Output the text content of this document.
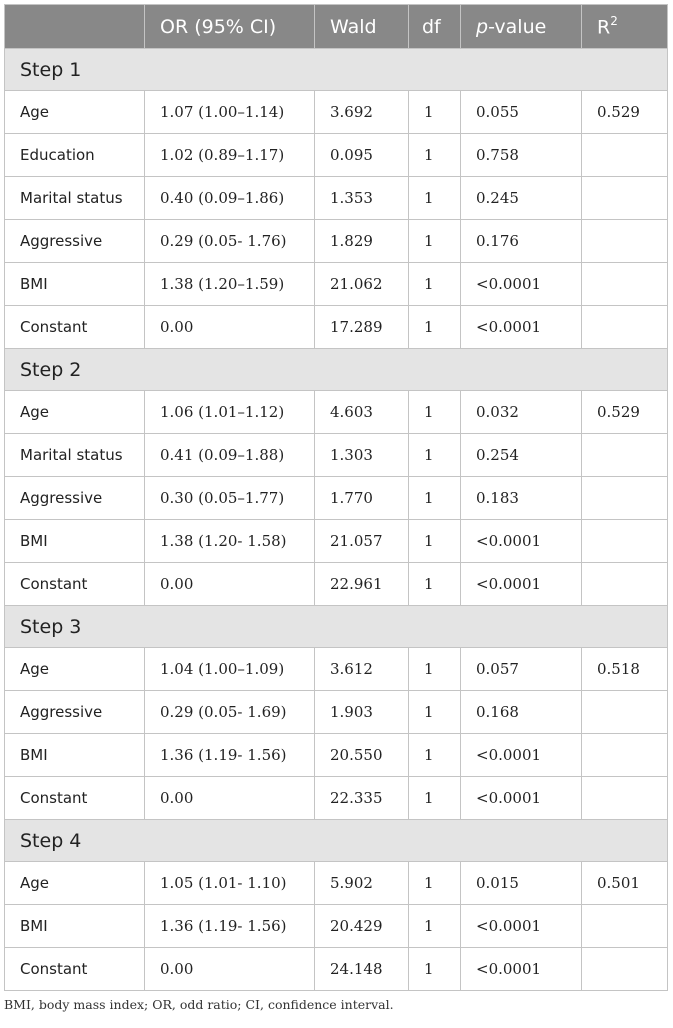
	OR (95% CI)	Wald	df	p-value	$R^2$
Step 1					
Age	1.07 (1.00–1.14)	3.692	1	0.055	0.529
Education	1.02 (0.89–1.17)	0.095	1	0.758	
Marital status	0.40 (0.09–1.86)	1.353	1	0.245	
Aggressive	0.29 (0.05- 1.76)	1.829	1	0.176	
BMI	1.38 (1.20–1.59)	21.062	1	<0.0001	
Constant	0.00	17.289	1	<0.0001	
Step 2					
Age	1.06 (1.01–1.12)	4.603	1	0.032	0.529
Marital status	0.41 (0.09–1.88)	1.303	1	0.254	
Aggressive	0.30 (0.05–1.77)	1.770	1	0.183	
BMI	1.38 (1.20- 1.58)	21.057	1	<0.0001	
Constant	0.00	22.961	1	<0.0001	
Step 3					
Age	1.04 (1.00–1.09)	3.612	1	0.057	0.518
Aggressive	0.29 (0.05- 1.69)	1.903	1	0.168	
BMI	1.36 (1.19- 1.56)	20.550	1	<0.0001	
Constant	0.00	22.335	1	<0.0001	
Step 4					
Age	1.05 (1.01- 1.10)	5.902	1	0.015	0.501
BMI	1.36 (1.19- 1.56)	20.429	1	<0.0001	
Constant	0.00	24.148	1	<0.0001	
BMI, body mass index; OR, odd ratio; CI, confidence interval.
